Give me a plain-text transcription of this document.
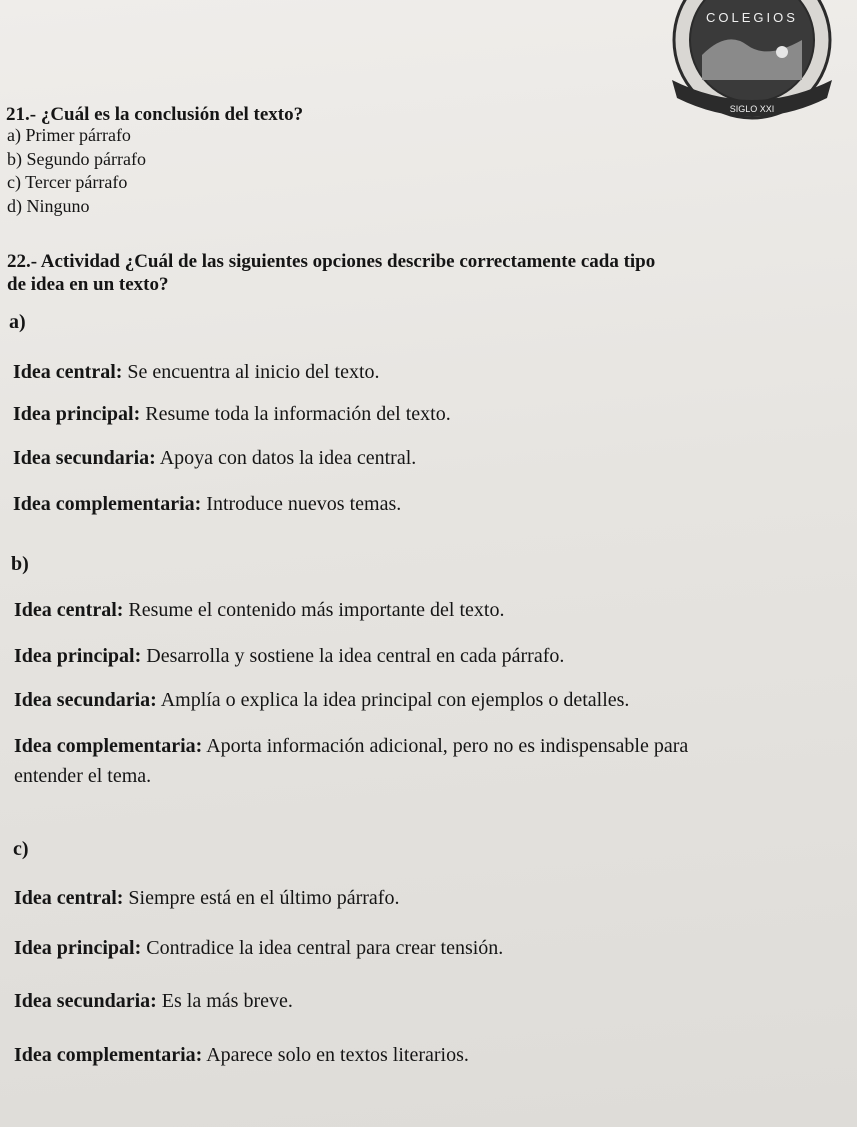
COLEGIOS
SIGLO XXI
21.- ¿Cuál es la conclusión del texto?
a) Primer párrafo
b) Segundo párrafo
c) Tercer párrafo
d) Ninguno
22.- Actividad ¿Cuál de las siguientes opciones describe correctamente cada tipo
de idea en un texto?
a)
Idea central: Se encuentra al inicio del texto.
Idea principal: Resume toda la información del texto.
Idea secundaria: Apoya con datos la idea central.
Idea complementaria: Introduce nuevos temas.
b)
Idea central: Resume el contenido más importante del texto.
Idea principal: Desarrolla y sostiene la idea central en cada párrafo.
Idea secundaria: Amplía o explica la idea principal con ejemplos o detalles.
Idea complementaria: Aporta información adicional, pero no es indispensable para
entender el tema.
c)
Idea central: Siempre está en el último párrafo.
Idea principal: Contradice la idea central para crear tensión.
Idea secundaria: Es la más breve.
Idea complementaria: Aparece solo en textos literarios.
